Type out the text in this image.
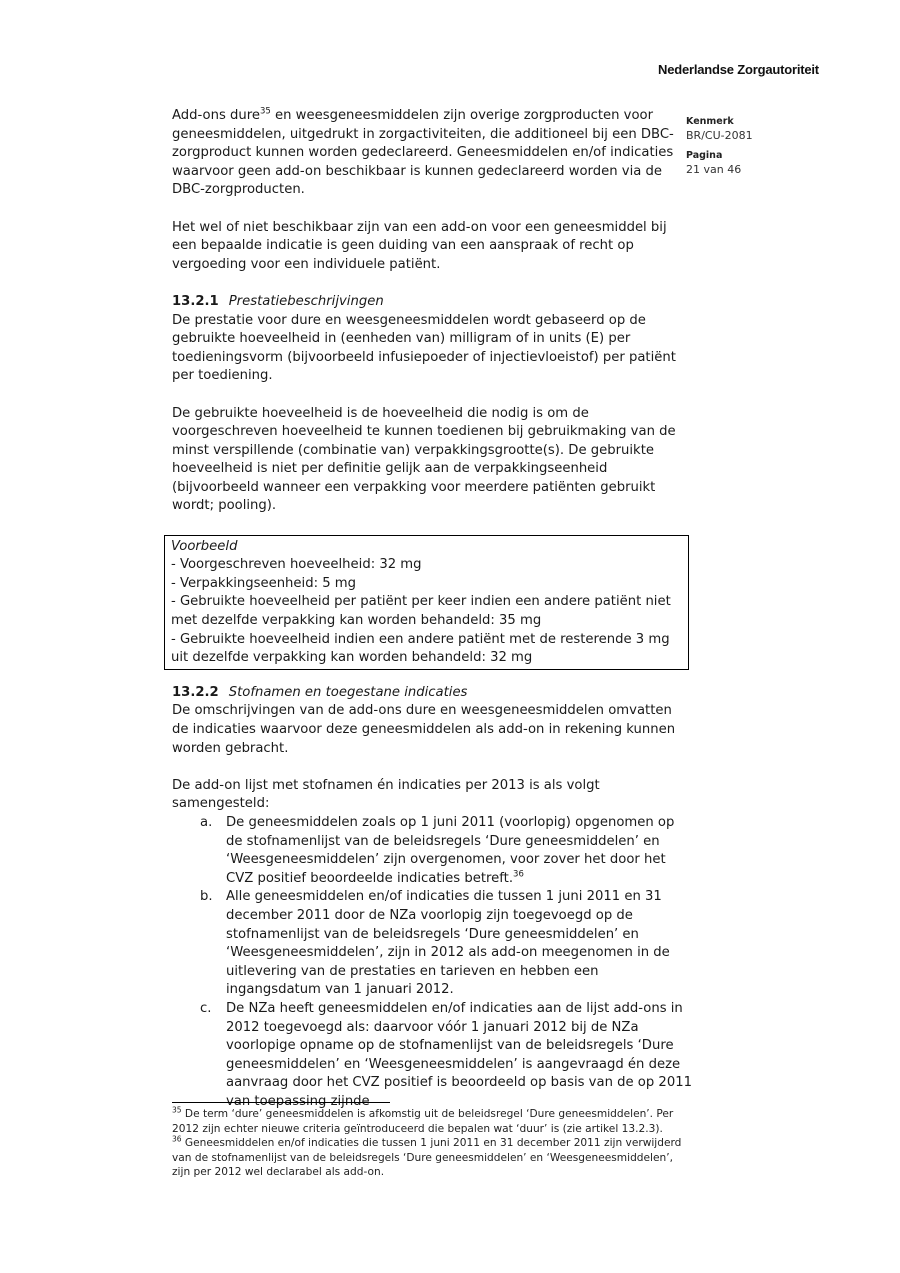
Nederlandse Zorgautoriteit
Kenmerk
BR/CU-2081
Pagina
21 van 46

Add-ons dure$^{35}$ en weesgeneesmiddelen zijn overige zorgproducten voor geneesmiddelen, uitgedrukt in zorgactiviteiten, die additioneel bij een DBC-zorgproduct kunnen worden gedeclareerd. Geneesmiddelen en/of indicaties waarvoor geen add-on beschikbaar is kunnen gedeclareerd worden via de DBC-zorgproducten.

Het wel of niet beschikbaar zijn van een add-on voor een geneesmiddel bij een bepaalde indicatie is geen duiding van een aanspraak of recht op vergoeding voor een individuele patiënt.

13.2.1 Prestatiebeschrijvingen

De prestatie voor dure en weesgeneesmiddelen wordt gebaseerd op de gebruikte hoeveelheid in (eenheden van) milligram of in units (E) per toedieningsvorm (bijvoorbeeld infusiepoeder of injectievloeistof) per patiënt per toediening.

De gebruikte hoeveelheid is de hoeveelheid die nodig is om de voorgeschreven hoeveelheid te kunnen toedienen bij gebruikmaking van de minst verspillende (combinatie van) verpakkingsgrootte(s). De gebruikte hoeveelheid is niet per definitie gelijk aan de verpakkingseenheid (bijvoorbeeld wanneer een verpakking voor meerdere patiënten gebruikt wordt; pooling).

Voorbeeld
- Voorgeschreven hoeveelheid: 32 mg
- Verpakkingseenheid: 5 mg
- Gebruikte hoeveelheid per patiënt per keer indien een andere patiënt niet met dezelfde verpakking kan worden behandeld: 35 mg
- Gebruikte hoeveelheid indien een andere patiënt met de resterende 3 mg uit dezelfde verpakking kan worden behandeld: 32 mg
13.2.2 Stofnamen en toegestane indicaties

De omschrijvingen van de add-ons dure en weesgeneesmiddelen omvatten de indicaties waarvoor deze geneesmiddelen als add-on in rekening kunnen worden gebracht.

De add-on lijst met stofnamen én indicaties per 2013 is als volgt samengesteld:

a. De geneesmiddelen zoals op 1 juni 2011 (voorlopig) opgenomen op de stofnamenlijst van de beleidsregels ‘Dure geneesmiddelen’ en ‘Weesgeneesmiddelen’ zijn overgenomen, voor zover het door het CVZ positief beoordeelde indicaties betreft.$^{36}$
b. Alle geneesmiddelen en/of indicaties die tussen 1 juni 2011 en 31 december 2011 door de NZa voorlopig zijn toegevoegd op de stofnamenlijst van de beleidsregels ‘Dure geneesmiddelen’ en ‘Weesgeneesmiddelen’, zijn in 2012 als add-on meegenomen in de uitlevering van de prestaties en tarieven en hebben een ingangsdatum van 1 januari 2012.
c. De NZa heeft geneesmiddelen en/of indicaties aan de lijst add-ons in 2012 toegevoegd als: daarvoor vóór 1 januari 2012 bij de NZa voorlopige opname op de stofnamenlijst van de beleidsregels ‘Dure geneesmiddelen’ en ‘Weesgeneesmiddelen’ is aangevraagd én deze aanvraag door het CVZ positief is beoordeeld op basis van de op 2011 van toepassing zijnde
$^{35}$ De term ‘dure’ geneesmiddelen is afkomstig uit de beleidsregel ‘Dure geneesmiddelen’. Per 2012 zijn echter nieuwe criteria geïntroduceerd die bepalen wat ‘duur’ is (zie artikel 13.2.3).
$^{36}$ Geneesmiddelen en/of indicaties die tussen 1 juni 2011 en 31 december 2011 zijn verwijderd van de stofnamenlijst van de beleidsregels ‘Dure geneesmiddelen’ en ‘Weesgeneesmiddelen’, zijn per 2012 wel declarabel als add-on.
